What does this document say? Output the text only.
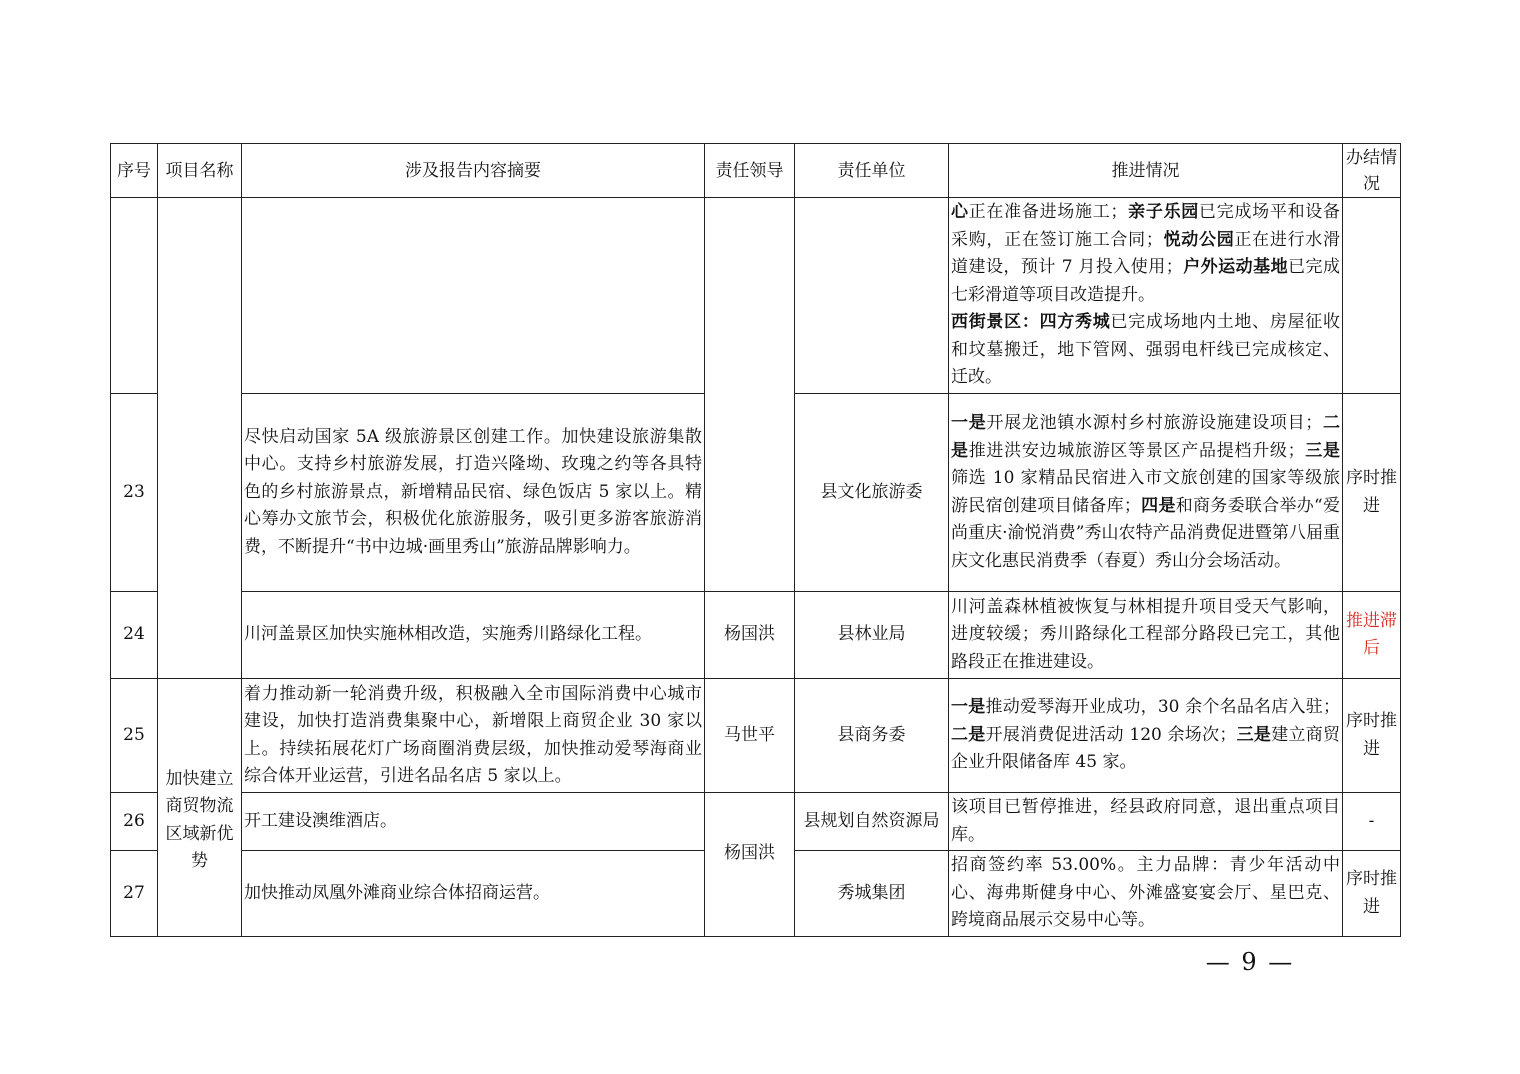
序号	项目名称	涉及报告内容摘要	责任领导	责任单位	推进情况	办结情况
					心正在准备进场施工；亲子乐园已完成场平和设备采购，正在签订施工合同；悦动公园正在进行水滑道建设，预计 7 月投入使用；户外运动基地已完成七彩滑道等项目改造提升。
西街景区：四方秀城已完成场地内土地、房屋征收和坟墓搬迁，地下管网、强弱电杆线已完成核定、迁改。	
23		尽快启动国家 5A 级旅游景区创建工作。加快建设旅游集散中心。支持乡村旅游发展，打造兴隆坳、玫瑰之约等各具特色的乡村旅游景点，新增精品民宿、绿色饭店 5 家以上。精心筹办文旅节会，积极优化旅游服务，吸引更多游客旅游消费，不断提升“书中边城·画里秀山”旅游品牌影响力。		县文化旅游委	一是开展龙池镇水源村乡村旅游设施建设项目；二是推进洪安边城旅游区等景区产品提档升级；三是筛选 10 家精品民宿进入市文旅创建的国家等级旅游民宿创建项目储备库；四是和商务委联合举办“爱尚重庆·渝悦消费”秀山农特产品消费促进暨第八届重庆文化惠民消费季（春夏）秀山分会场活动。	序时推进
24		川河盖景区加快实施林相改造，实施秀川路绿化工程。	杨国洪	县林业局	川河盖森林植被恢复与林相提升项目受天气影响，进度较缓；秀川路绿化工程部分路段已完工，其他路段正在推进建设。	推进滞后
25	加快建立商贸物流区域新优势	着力推动新一轮消费升级，积极融入全市国际消费中心城市建设，加快打造消费集聚中心，新增限上商贸企业 30 家以上。持续拓展花灯广场商圈消费层级，加快推动爱琴海商业综合体开业运营，引进名品名店 5 家以上。	马世平	县商务委	一是推动爱琴海开业成功，30 余个名品名店入驻；二是开展消费促进活动 120 余场次；三是建立商贸企业升限储备库 45 家。	序时推进
26		开工建设澳维酒店。	杨国洪	县规划自然资源局	该项目已暂停推进，经县政府同意，退出重点项目库。	-
27		加快推动凤凰外滩商业综合体招商运营。		秀城集团	招商签约率 53.00%。主力品牌：青少年活动中心、海弗斯健身中心、外滩盛宴宴会厅、星巴克、跨境商品展示交易中心等。	序时推进
— 9 —
